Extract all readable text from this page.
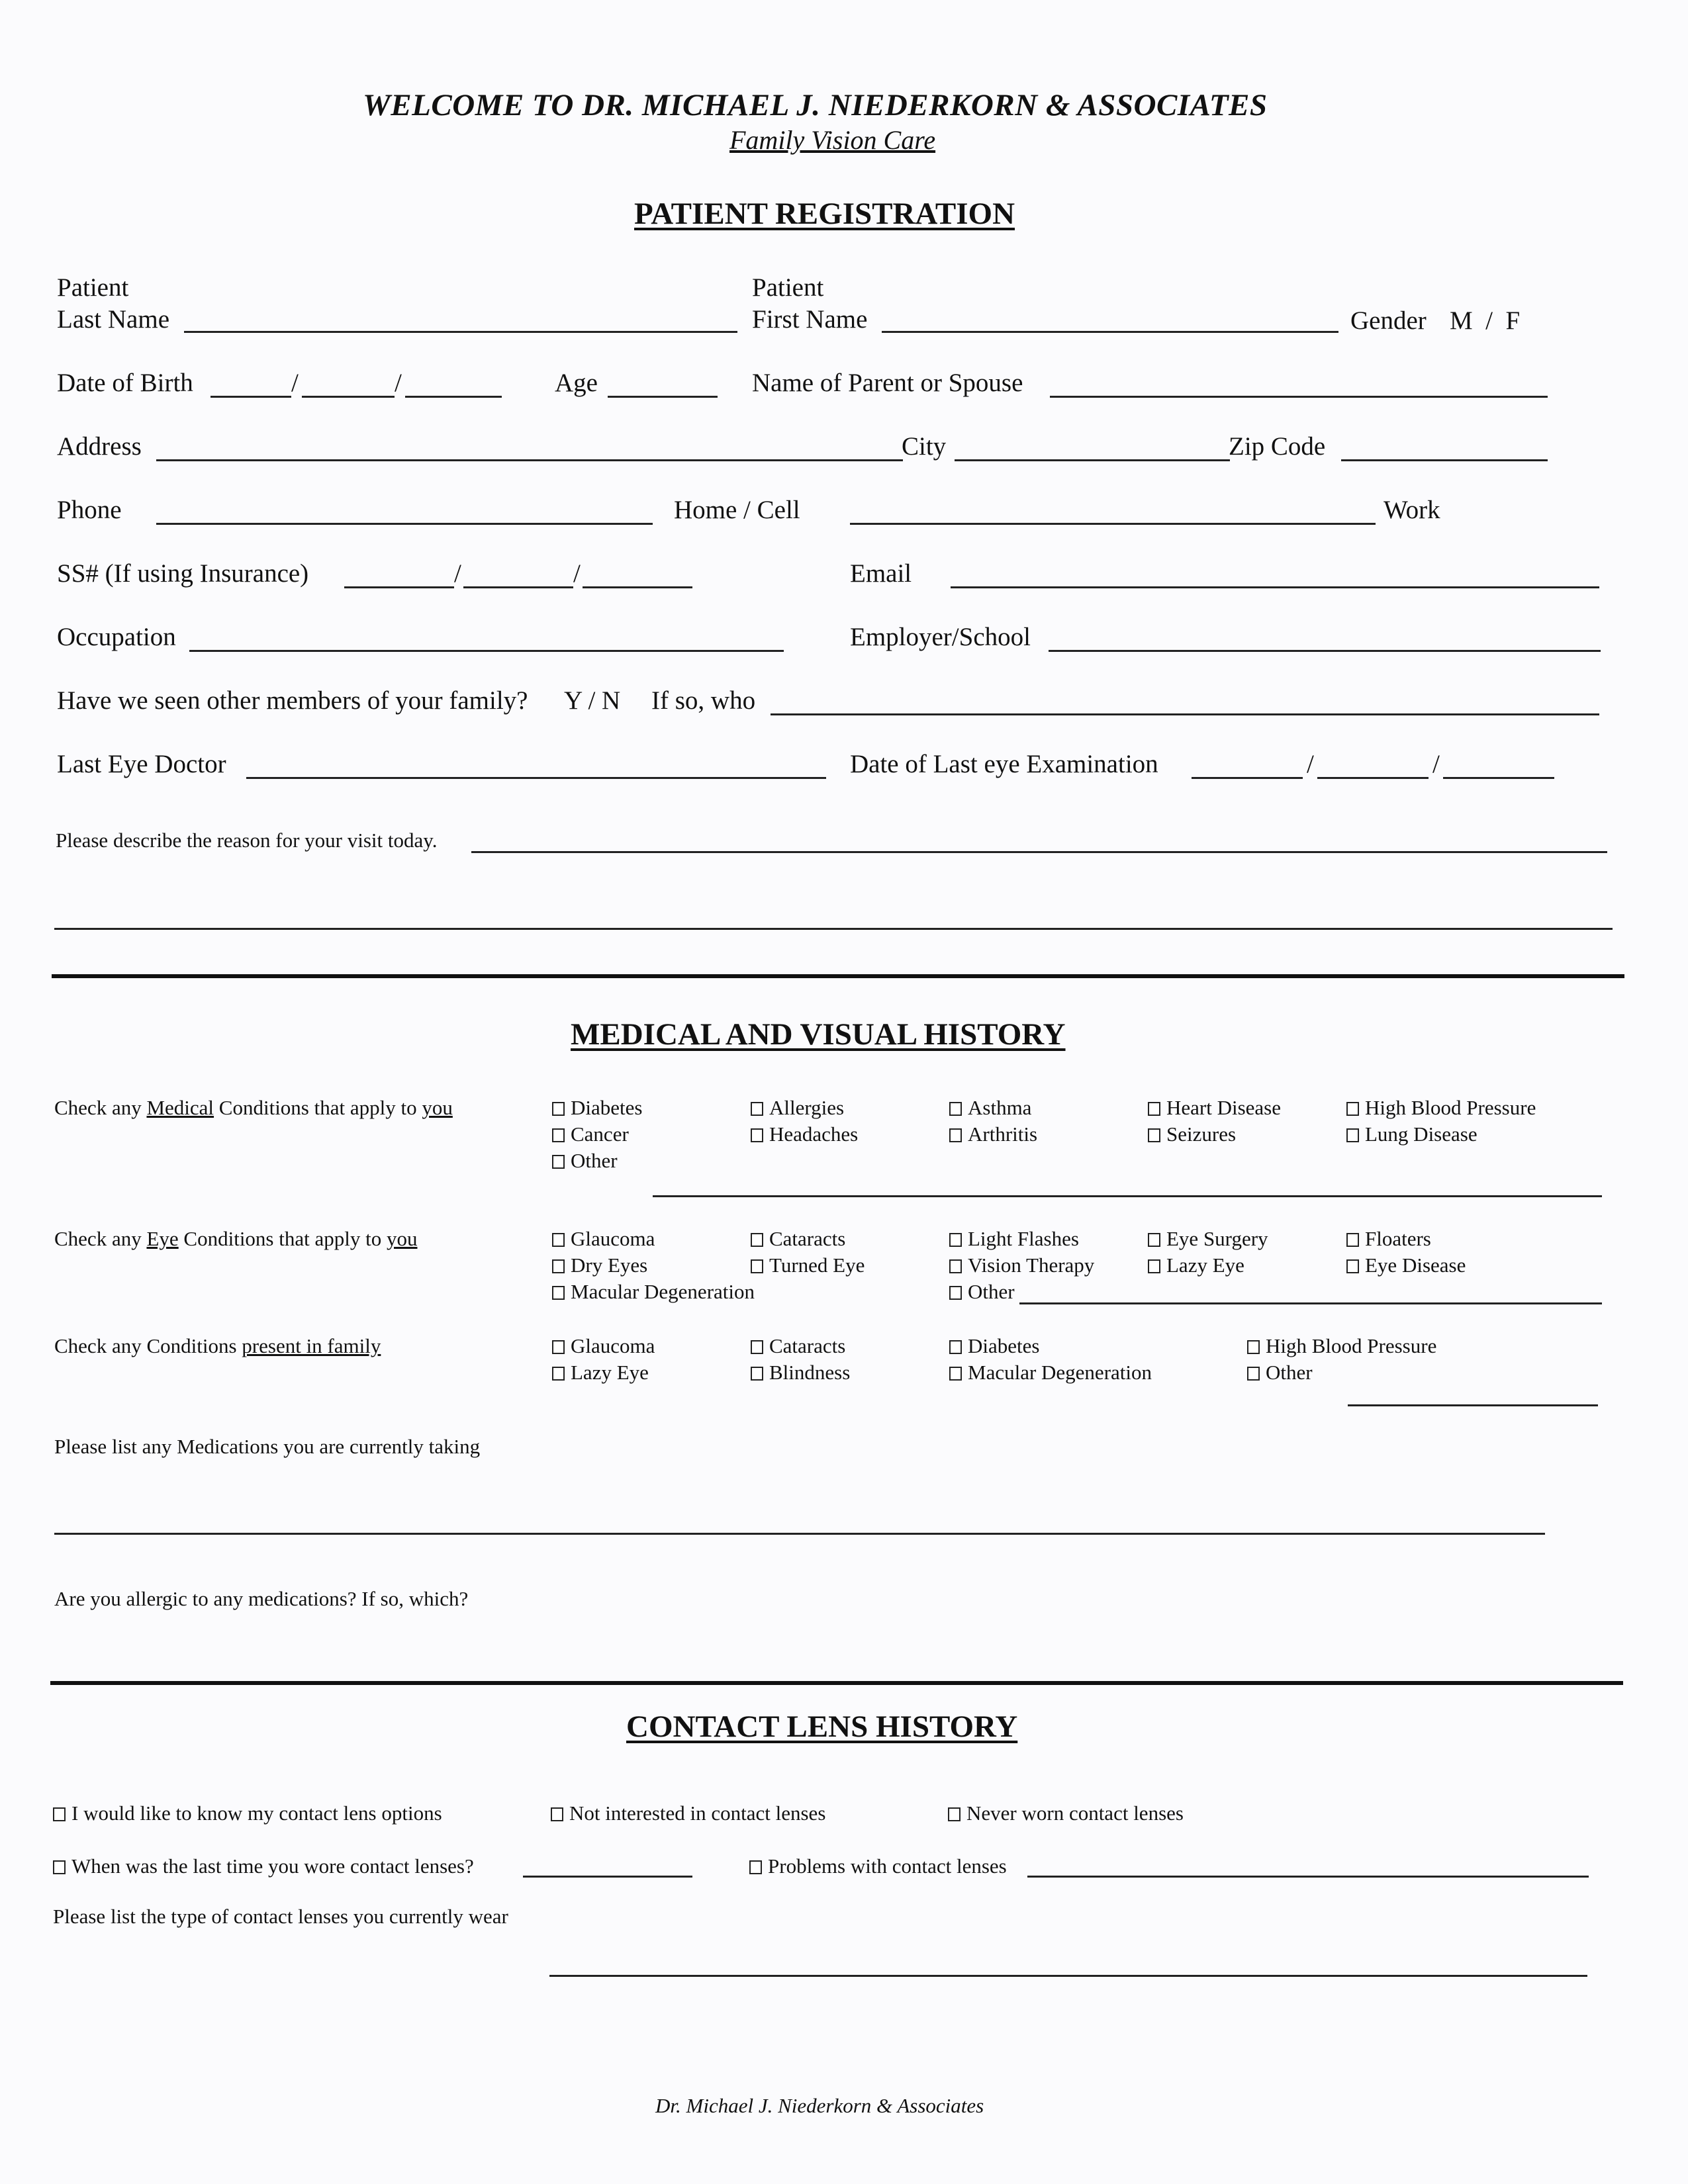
WELCOME TO DR. MICHAEL J. NIEDERKORN & ASSOCIATES
Family Vision Care
PATIENT REGISTRATION
Patient
Last Name
Patient
First Name	Gender M  /  F
Date of Birth	/	/	Age	Name of Parent or Spouse
Address	City	Zip Code
Phone	Home / Cell	Work
SS# (If using Insurance)	/	/	Email
Occupation	Employer/School
Have we seen other members of your family? Y / N If so, who
Last Eye Doctor	Date of Last eye Examination	/	/
Please describe the reason for your visit today.
MEDICAL AND VISUAL HISTORY
Check any Medical Conditions that apply to you	Diabetes	Allergies	Asthma	Heart Disease	High Blood Pressure
Cancer	Headaches	Arthritis	Seizures	Lung Disease
Other
Check any Eye Conditions that apply to you	Glaucoma	Cataracts	Light Flashes	Eye Surgery	Floaters
Dry Eyes	Turned Eye	Vision Therapy	Lazy Eye	Eye Disease
Macular Degeneration	Other
Check any Conditions present in family	Glaucoma	Cataracts	Diabetes	High Blood Pressure
Lazy Eye	Blindness	Macular Degeneration	Other
Please list any Medications you are currently taking
Are you allergic to any medications? If so, which?
CONTACT LENS HISTORY
I would like to know my contact lens options	Not interested in contact lenses	Never worn contact lenses
When was the last time you wore contact lenses?	Problems with contact lenses
Please list the type of contact lenses you currently wear
Dr. Michael J. Niederkorn & Associates
